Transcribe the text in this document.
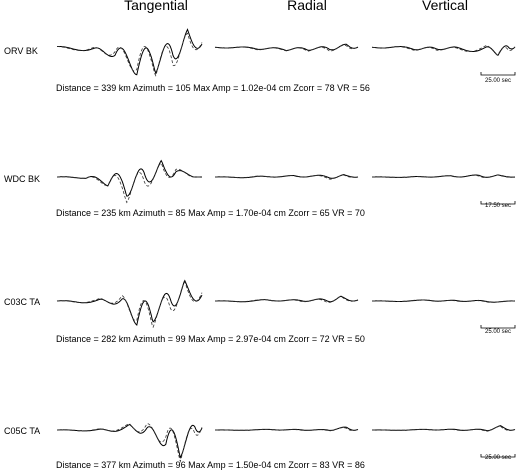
Tangential	Radial	Vertical
ORV BK
WDC BK
C03C TA
C05C TA
Distance = 339 km Azimuth = 105 Max Amp = 1.02e-04 cm Zcorr = 78 VR = 56
Distance = 235 km Azimuth = 85 Max Amp = 1.70e-04 cm Zcorr = 65 VR = 70
Distance = 282 km Azimuth = 99 Max Amp = 2.97e-04 cm Zcorr = 72 VR = 50
Distance = 377 km Azimuth = 96 Max Amp = 1.50e-04 cm Zcorr = 83 VR = 86
25.00 sec
17.50 sec
25.00 sec
25.00 sec
